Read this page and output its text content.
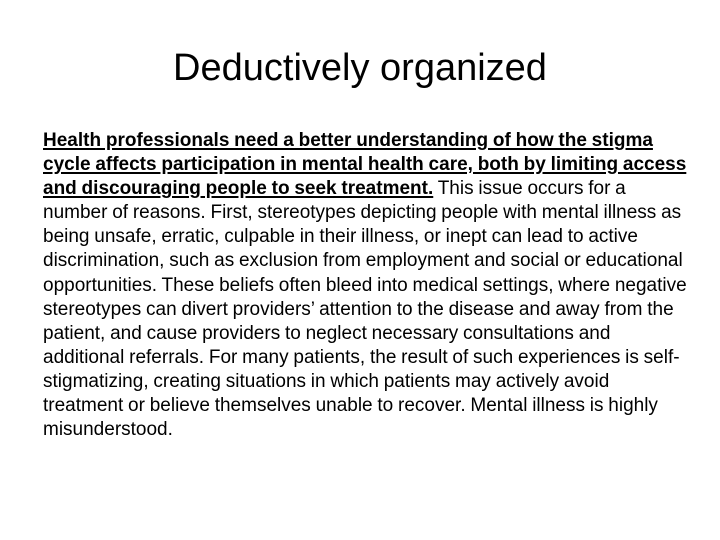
Deductively organized

Health professionals need a better understanding of how the stigma cycle affects participation in mental health care, both by limiting access and discouraging people to seek treatment. This issue occurs for a number of reasons. First, stereotypes depicting people with mental illness as being unsafe, erratic, culpable in their illness, or inept can lead to active discrimination, such as exclusion from employment and social or educational opportunities. These beliefs often bleed into medical settings, where negative stereotypes can divert providers’ attention to the disease and away from the patient, and cause providers to neglect necessary consultations and additional referrals. For many patients, the result of such experiences is self-stigmatizing, creating situations in which patients may actively avoid treatment or believe themselves unable to recover. Mental illness is highly misunderstood.
